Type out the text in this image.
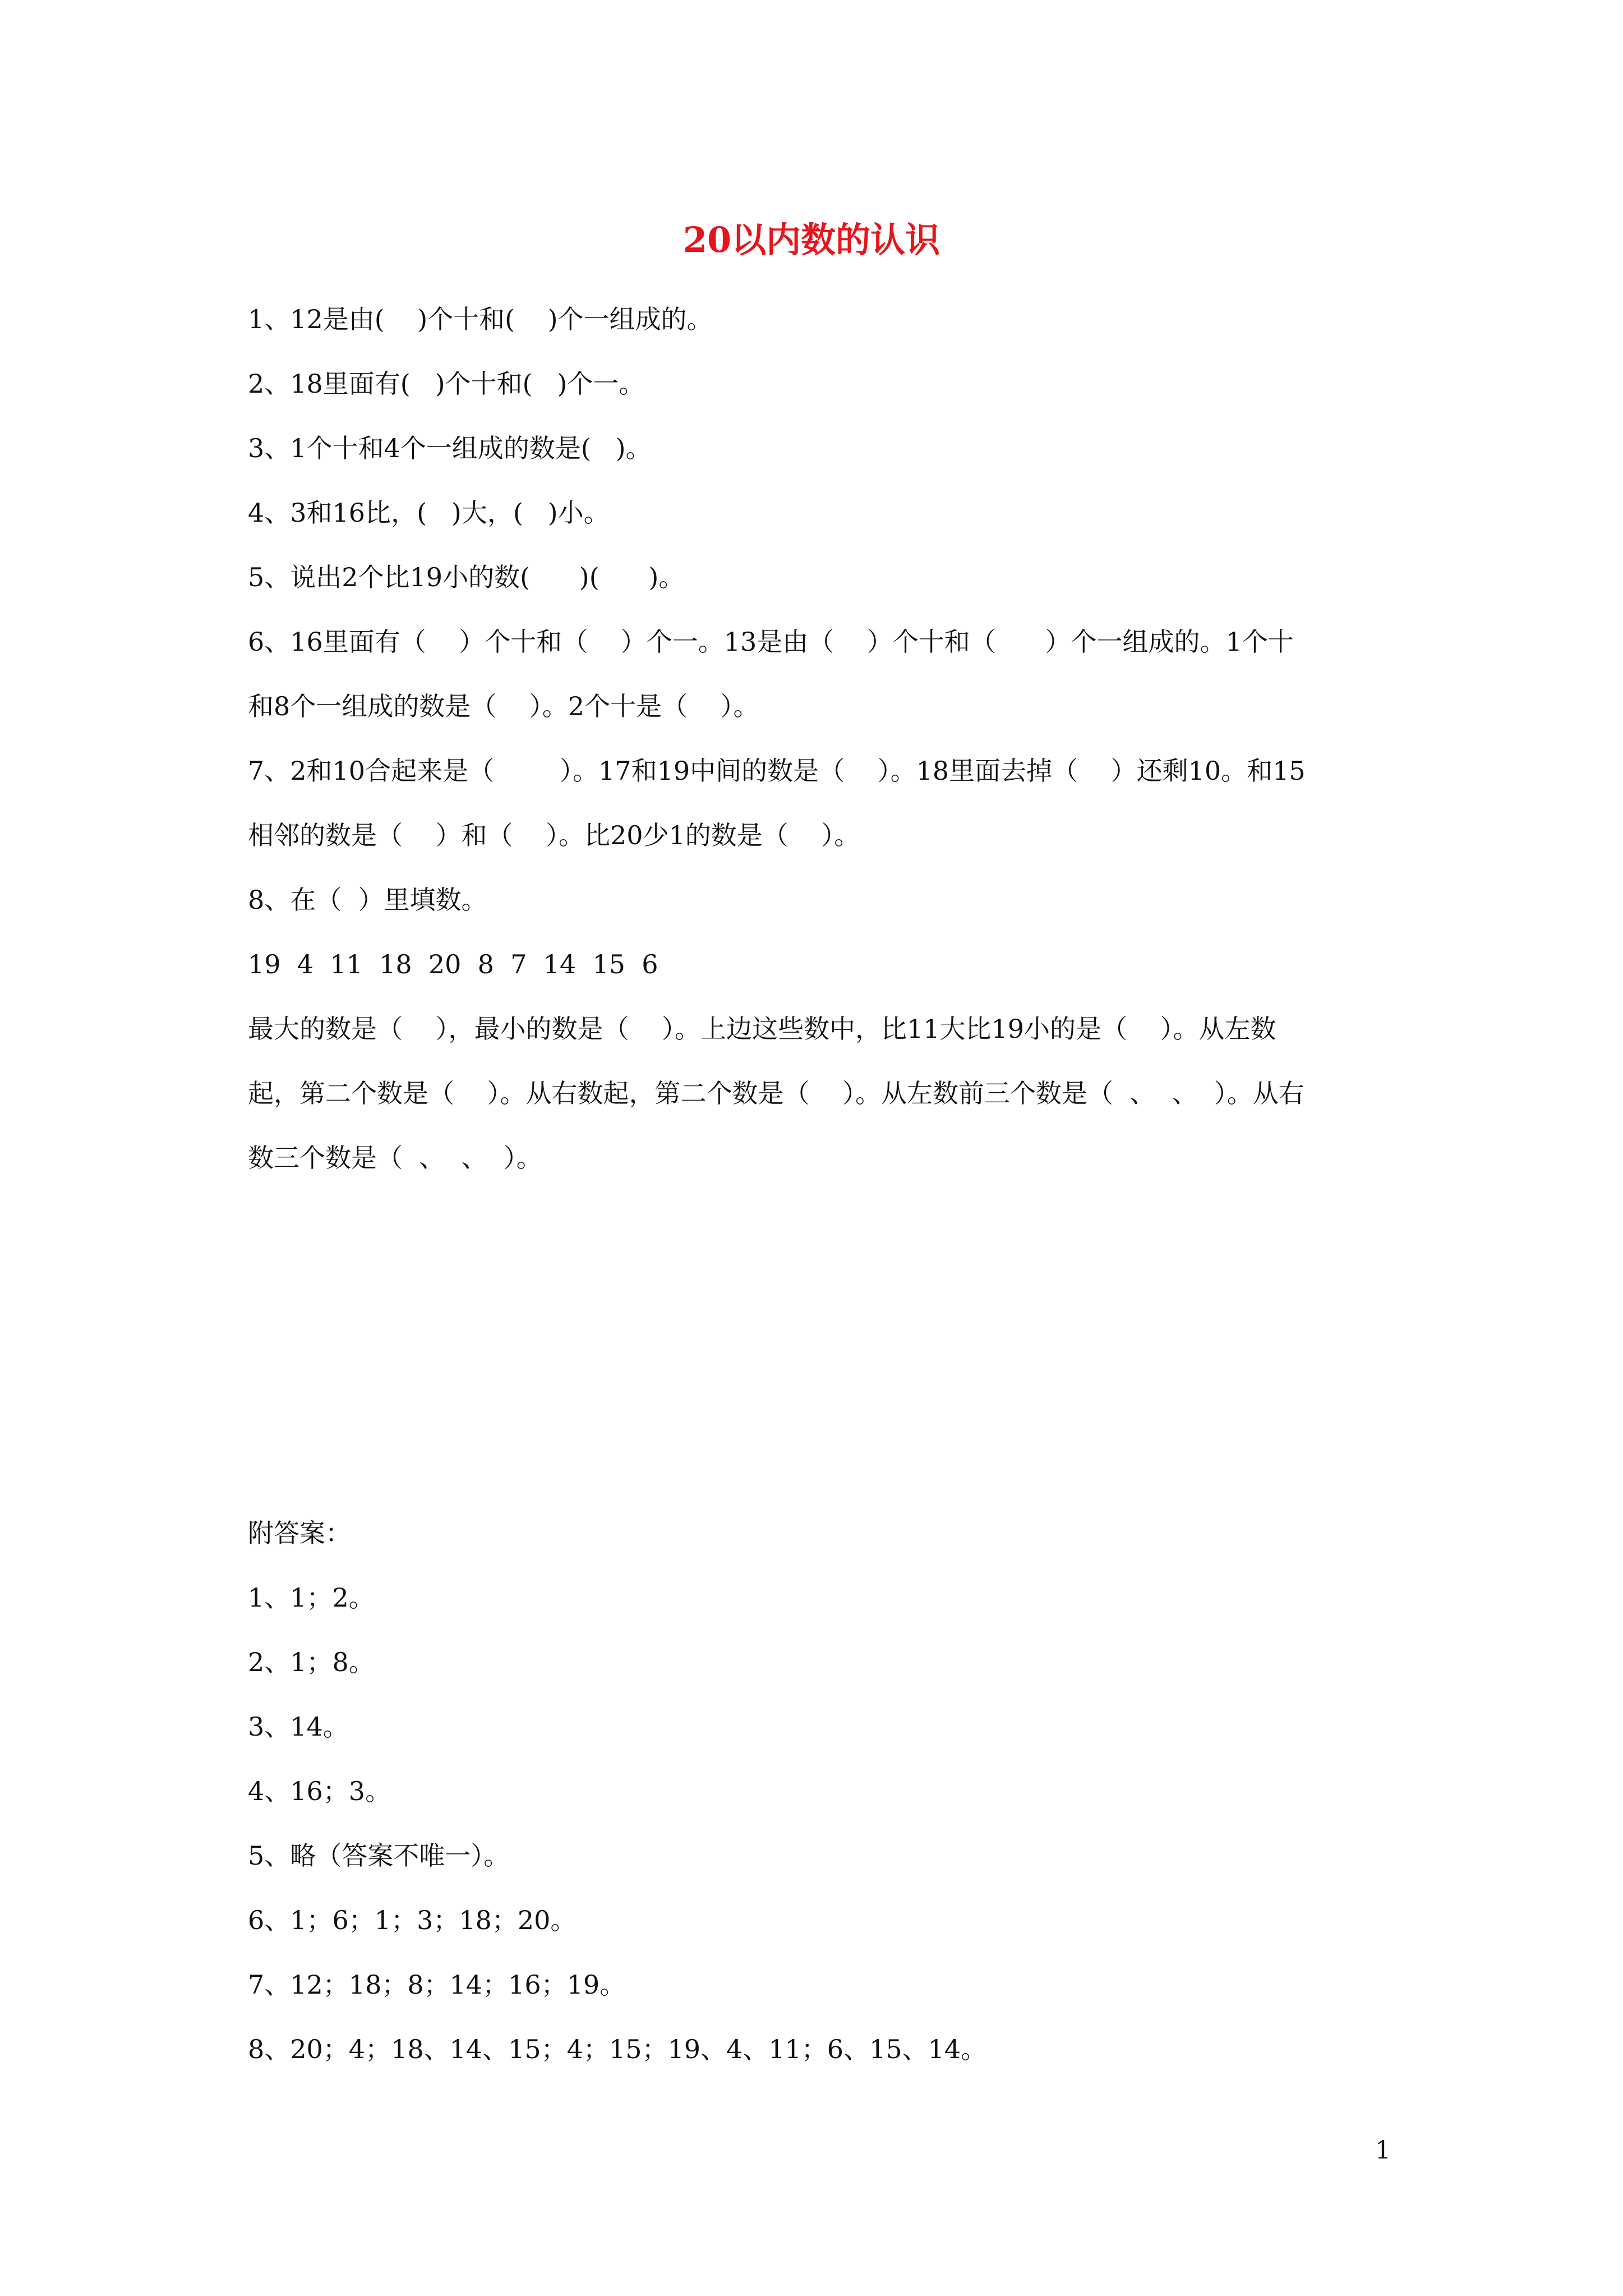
20以内数的认识

1、12是由(    )个十和(    )个一组成的。

2、18里面有(   )个十和(   )个一。

3、1个十和4个一组成的数是(   )。

4、3和16比，(   )大，(   )小。

5、说出2个比19小的数(      )(      )。

6、16里面有（    ）个十和（    ）个一。13是由（    ）个十和（      ）个一组成的。1个十

和8个一组成的数是（    ）。2个十是（    ）。

7、2和10合起来是（        ）。17和19中间的数是（    ）。18里面去掉（    ）还剩10。和15

相邻的数是（    ）和（    ）。比20少1的数是（    ）。

8、在（  ）里填数。

19  4  11  18  20  8  7  14  15  6

最大的数是（    ），最小的数是（    ）。上边这些数中，比11大比19小的是（    ）。从左数

起，第二个数是（    ）。从右数起，第二个数是（    ）。从左数前三个数是（  、  、  ）。从右

数三个数是（  、  、  ）。

附答案：

1、1；2。

2、1；8。

3、14。

4、16；3。

5、略（答案不唯一）。

6、1；6；1；3；18；20。

7、12；18；8；14；16；19。

8、20；4；18、14、15；4；15；19、4、11；6、15、14。

1
